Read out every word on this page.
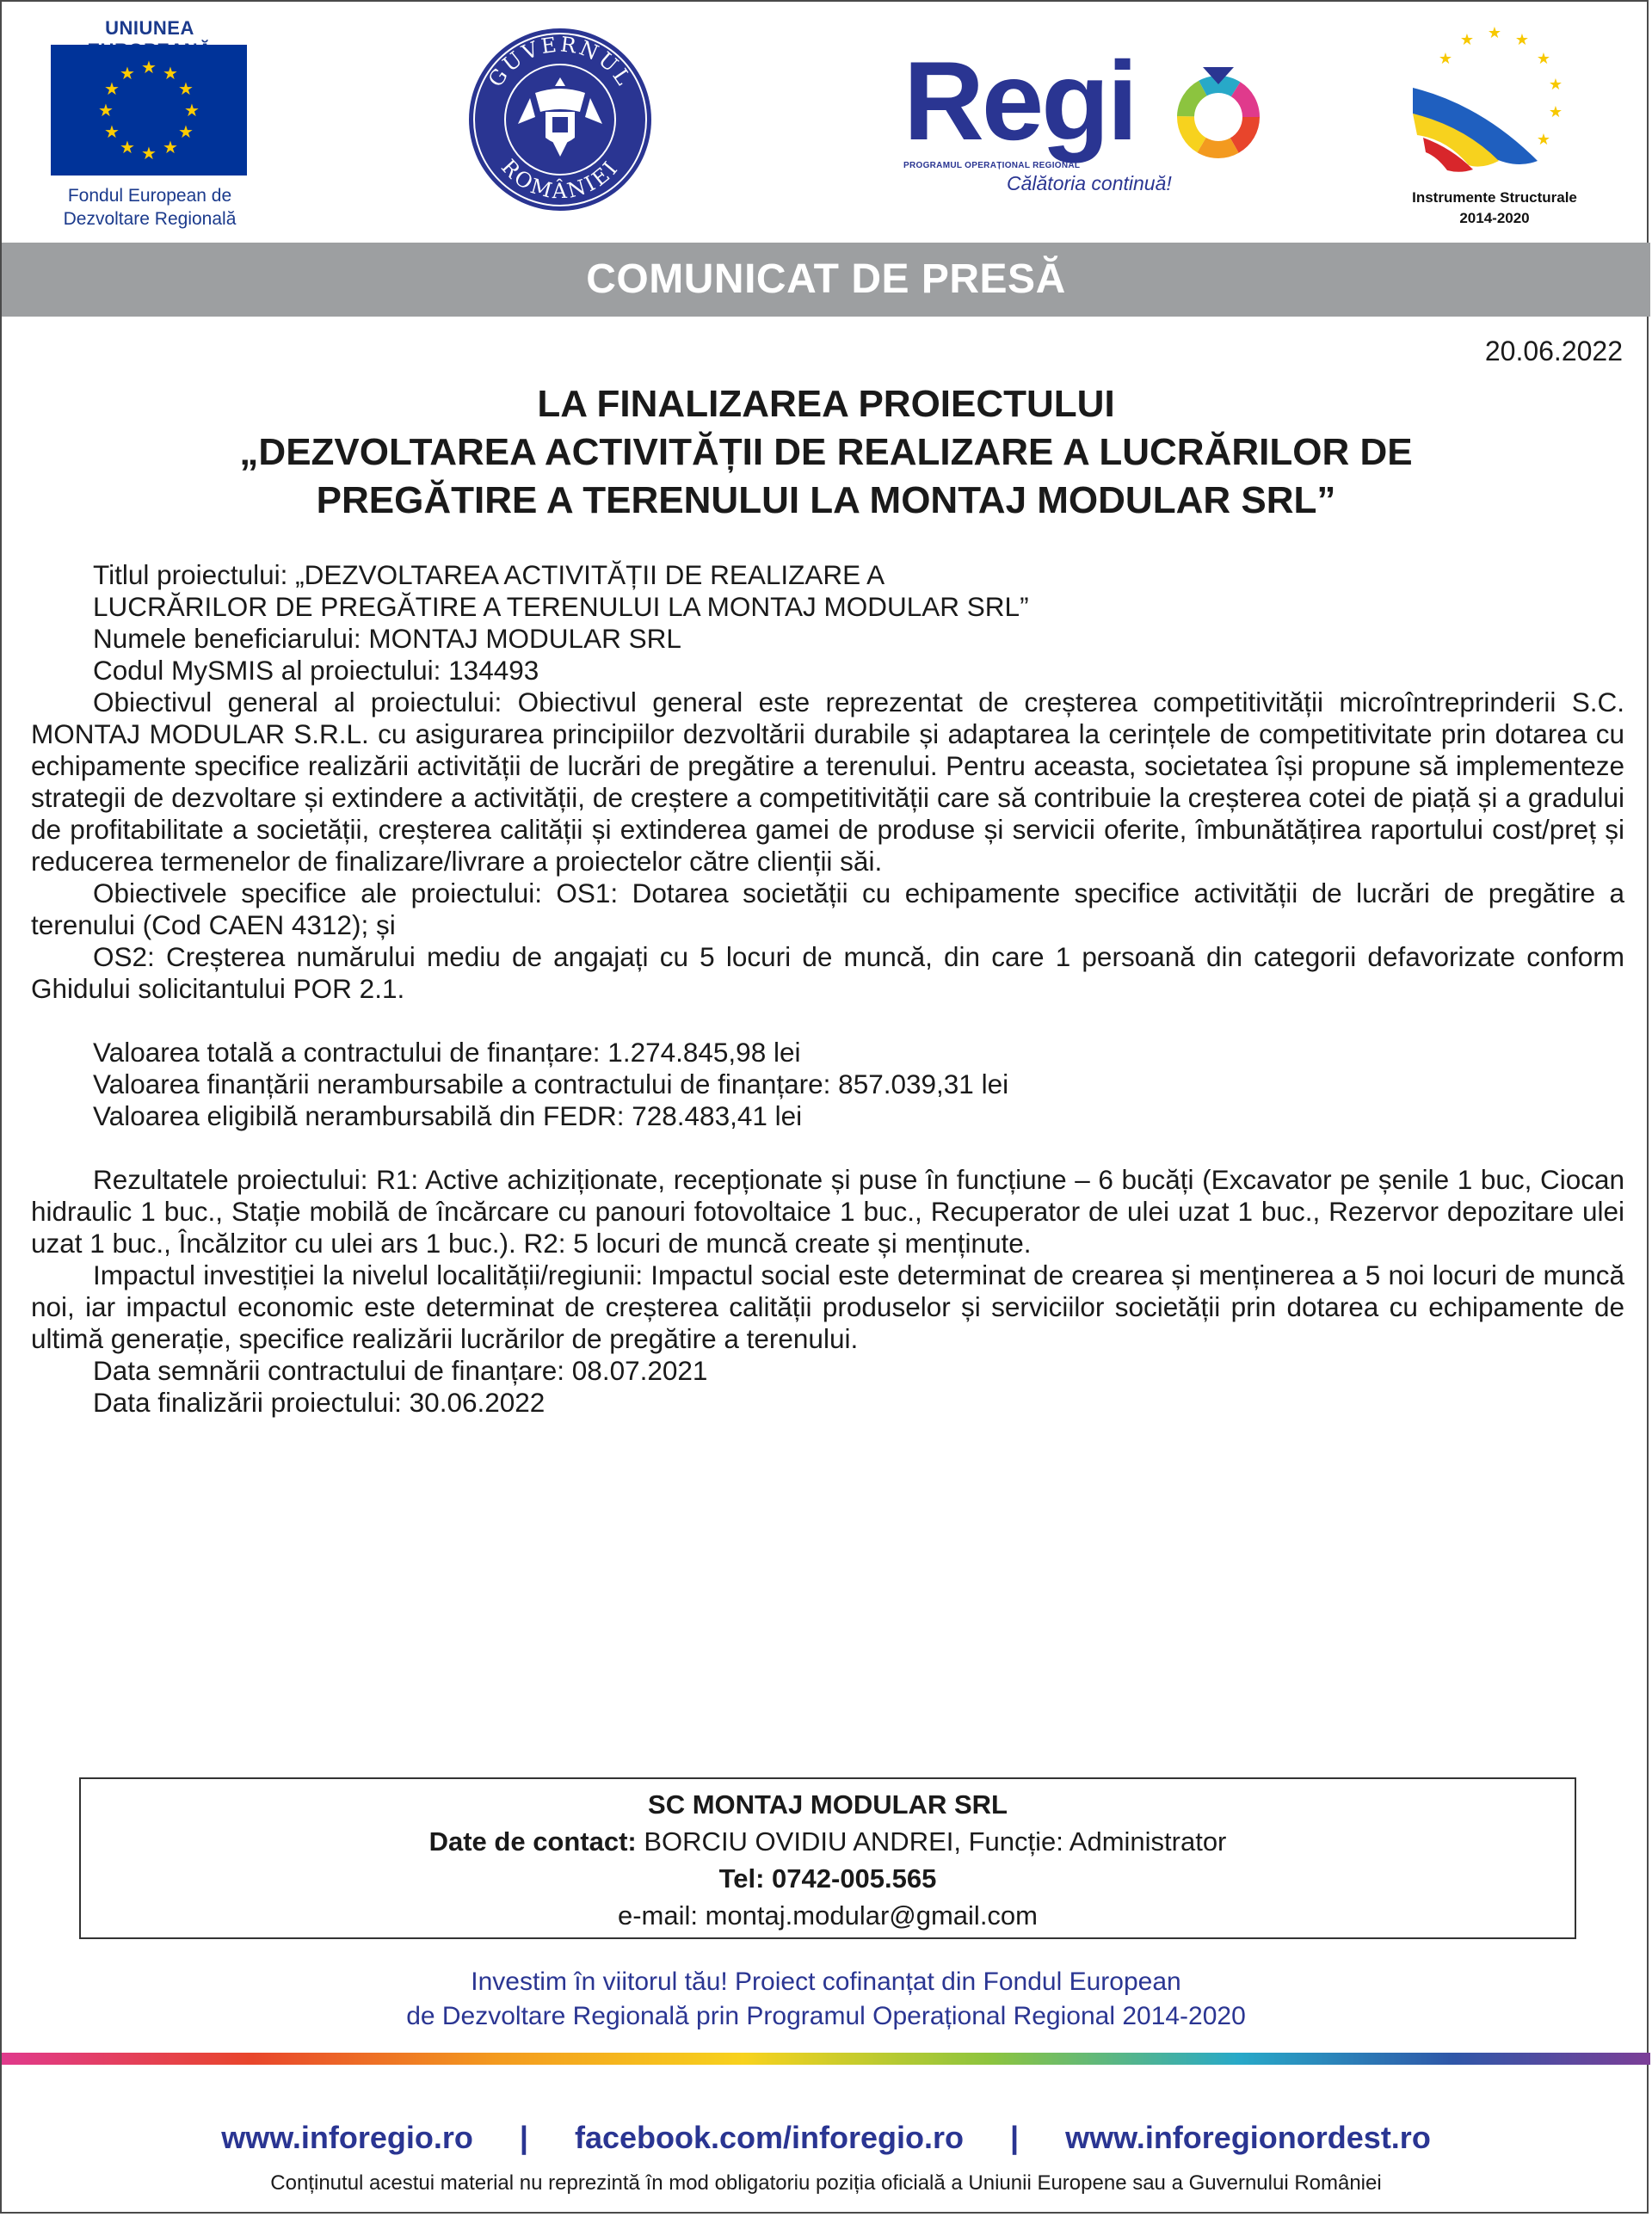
UNIUNEA
★ ★
★
★
★
★
★
★
★
★
★
★
Fondul European de
Dezvoltare Regională
GUVERNUL
ROMÂNIEI
Regi
PROGRAMUL OPERAȚIONAL REGIONAL
Călătoria continuă!
★ ★
★
★
★
★
★
★
Instrumente Structurale
2014-2020
COMUNICAT DE PRESĂ
20.06.2022
LA FINALIZAREA PROIECTULUI
„DEZVOLTAREA ACTIVITĂȚII DE REALIZARE A LUCRĂRILOR DE
PREGĂTIRE A TERENULUI LA MONTAJ MODULAR SRL”

Titlul proiectului: „DEZVOLTAREA ACTIVITĂȚII DE REALIZARE A

LUCRĂRILOR DE PREGĂTIRE A TERENULUI LA MONTAJ MODULAR SRL”

Numele beneficiarului: MONTAJ MODULAR SRL

Codul MySMIS al proiectului: 134493

Obiectivul general al proiectului: Obiectivul general este reprezentat de creșterea competitivității microîntreprinderii S.C. MONTAJ MODULAR S.R.L. cu asigurarea principiilor dezvoltării durabile și adaptarea la cerințele de competitivitate prin dotarea cu echipamente specifice realizării activității de lucrări de pregătire a terenului. Pentru aceasta, societatea își propune să implementeze strategii de dezvoltare și extindere a activității, de creștere a competitivității care să contribuie la creșterea cotei de piață și a gradului de profitabilitate a societății, creșterea calității și extinderea gamei de produse și servicii oferite, îmbunătățirea raportului cost/preț și reducerea termenelor de finalizare/livrare a proiectelor către clienții săi.

Obiectivele specifice ale proiectului: OS1: Dotarea societății cu echipamente specifice activității de lucrări de pregătire a terenului (Cod CAEN 4312); și

OS2: Creșterea numărului mediu de angajați cu 5 locuri de muncă, din care 1 persoană din categorii defavorizate conform Ghidului solicitantului POR 2.1.

Valoarea totală a contractului de finanțare: 1.274.845,98 lei

Valoarea finanțării nerambursabile a contractului de finanțare: 857.039,31 lei

Valoarea eligibilă nerambursabilă din FEDR: 728.483,41 lei

Rezultatele proiectului: R1: Active achiziționate, recepționate și puse în funcțiune – 6 bucăți (Excavator pe șenile 1 buc, Ciocan hidraulic 1 buc., Stație mobilă de încărcare cu panouri fotovoltaice 1 buc., Recuperator de ulei uzat 1 buc., Rezervor depozitare ulei uzat 1 buc., Încălzitor cu ulei ars 1 buc.). R2: 5 locuri de muncă create și menținute.

Impactul investiției la nivelul localității/regiunii: Impactul social este determinat de crearea și menținerea a 5 noi locuri de muncă noi, iar impactul economic este determinat de creșterea calității produselor și serviciilor societății prin dotarea cu echipamente de ultimă generație, specifice realizării lucrărilor de pregătire a terenului.

Data semnării contractului de finanțare: 08.07.2021

Data finalizării proiectului: 30.06.2022

SC MONTAJ MODULAR SRL
Date de contact: BORCIU OVIDIU ANDREI, Funcție: Administrator
Tel: 0742-005.565
e-mail: montaj.modular@gmail.com
Investim în viitorul tău! Proiect cofinanțat din Fondul European
de Dezvoltare Regională prin Programul Operațional Regional 2014-2020
www.inforegio.ro | facebook.com/inforegio.ro | www.inforegionordest.ro
Conținutul acestui material nu reprezintă în mod obligatoriu poziția oficială a Uniunii Europene sau a Guvernului României
